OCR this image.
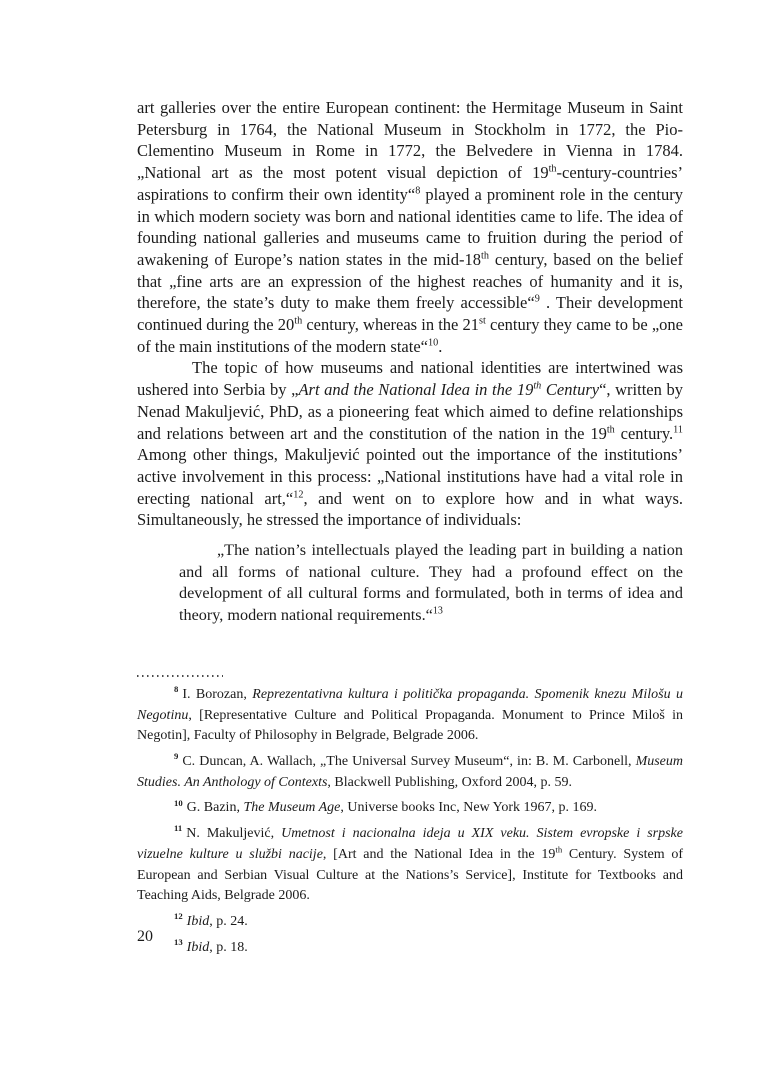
art galleries over the entire European continent: the Hermitage Museum in Saint Petersburg in 1764, the National Museum in Stockholm in 1772, the Pio-Clementino Museum in Rome in 1772, the Belvedere in Vienna in 1784. „National art as the most potent visual depiction of 19th-century-countries’ aspirations to confirm their own identity“$^8$ played a prominent role in the century in which modern society was born and national identities came to life. The idea of founding national galleries and museums came to fruition during the period of awakening of Europe’s nation states in the mid-18th century, based on the belief that „fine arts are an expression of the highest reaches of humanity and it is, therefore, the state’s duty to make them freely accessible“$^9$ . Their development continued during the 20th century, whereas in the 21st century they came to be „one of the main institutions of the modern state“$^{10}$.

The topic of how museums and national identities are intertwined was ushered into Serbia by „Art and the National Idea in the 19th Century“, written by Nenad Makuljević, PhD, as a pioneering feat which aimed to define relationships and relations between art and the constitution of the nation in the 19th century.$^{11}$ Among other things, Makuljević pointed out the importance of the institutions’ active involvement in this process: „National institutions have had a vital role in erecting national art,“$^{12}$, and went on to explore how and in what ways. Simultaneously, he stressed the importance of individuals:

„The nation’s intellectuals played the leading part in building a nation and all forms of national culture. They had a profound effect on the development of all cultural forms and formulated, both in terms of idea and theory, modern national requirements.“$^{13}$

$^8$ I. Borozan, Reprezentativna kultura i politička propaganda. Spomenik knezu Milošu u Negotinu, [Representative Culture and Political Propaganda. Monument to Prince Miloš in Negotin], Faculty of Philosophy in Belgrade, Belgrade 2006.

$^9$ C. Duncan, A. Wallach, „The Universal Survey Museum“, in: B. M. Carbonell, Museum Studies. An Anthology of Contexts, Blackwell Publishing, Oxford 2004, p. 59.

$^{10}$ G. Bazin, The Museum Age, Universe books Inc, New York 1967, p. 169.

$^{11}$ N. Makuljević, Umetnost i nacionalna ideja u XIX veku. Sistem evropske i srpske vizuelne kulture u službi nacije, [Art and the National Idea in the 19th Century. System of European and Serbian Visual Culture at the Nations’s Service], Institute for Textbooks and Teaching Aids, Belgrade 2006.

$^{12}$ Ibid, p. 24.

$^{13}$ Ibid, p. 18.

20
